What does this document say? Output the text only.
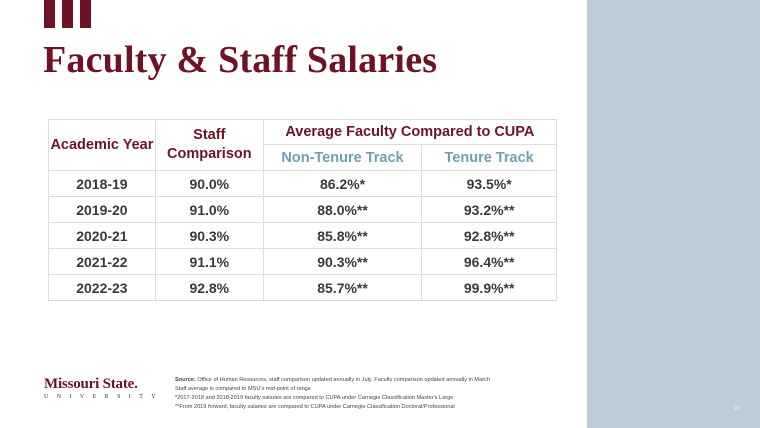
Faculty & Staff Salaries
Academic Year	Staff Comparison	Average Faculty Compared to CUPA	
		Non-Tenure Track	Tenure Track
2018-19	90.0%	86.2%*	93.5%*
2019-20	91.0%	88.0%**	93.2%**
2020-21	90.3%	85.8%**	92.8%**
2021-22	91.1%	90.3%**	96.4%**
2022-23	92.8%	85.7%**	99.9%**
Missouri State.
UNIVERSITY
Source: Office of Human Resources, staff comparison updated annually in July. Faculty comparison updated annually in March
Staff average is compared to MSU's mid-point of range
*2017-2018 and 2018-2019 faculty salaries are compared to CUPA under Carnegie Classification Master's Large
**From 2019 forward, faculty salaries are compared to CUPA under Carnegie Classification Doctoral/Professional	20
